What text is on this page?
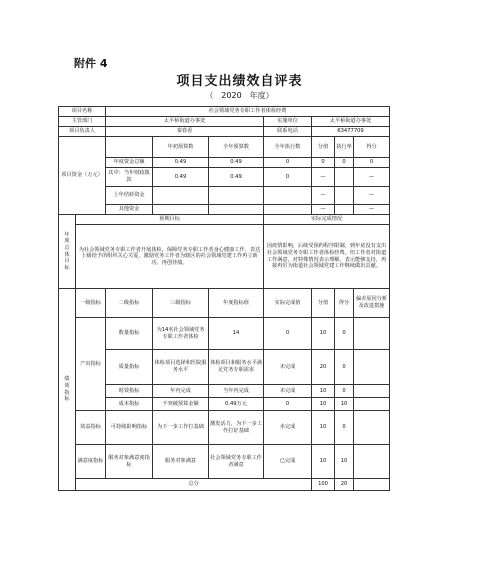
附件 4
项目支出绩效自评表
（　2020　年度）
项目名称		社会领域党务专职工作者体检经费						
主管部门		太平桥街道办事处			实施单位	太平桥街道办事处		
项目负责人		秦春香			联系电话	63477709		
项目资金（万元）			年初预算数	全年预算数	全年执行数	分值	执行率	得分
		年度资金总额	0.49	0.49	0	0	0	0
		其中：当年财政拨款	0.49	0.49	0	—		—
		上年结转资金				—		—
		其他资金				—		—
年度总体目标	预期目标				实际完成情况			
	为社会领域党务专职工作者开展体检，保障党务专职工作者身心健康工作，表达上级给予的组织关心关爱，激励党务工作者为辖区的社会领域党建工作再立新功、再创佳绩。				因疫情影响，后续受预约程序限制，到年底没有支出社会领域党务专职工作者体检经费。但工作者对街道工作满意，对特殊情况表示理解，表示能够支持，再接再厉为街道社会领域党建工作继续做出贡献。			
绩效指标	一级指标	二级指标	三级指标	年度指标值	实际完成值	分值	得分	偏差原因分析及改进措施
	产出指标	数量指标	为14名社会领域党务专职工作者体检	14	0	10	0	
		质量指标	体检项目选择和医院服务水平	体检项目和服务水平满足党务专职需求	未完成	20	0	
		时效指标	年内完成	当年内完成	未完成	10	0	
		成本指标	不突破预算金额	0.49万元	0	10	10	
	效益指标	可持续影响指标	为下一步工作打基础	激发活力，为下一步工作打好基础	未完成	10	0	
	满意度指标	服务对象满意度指标	服务对象满意	社会领域党务专职工作者满意	已完成	10	10	
	总分					100	20	
